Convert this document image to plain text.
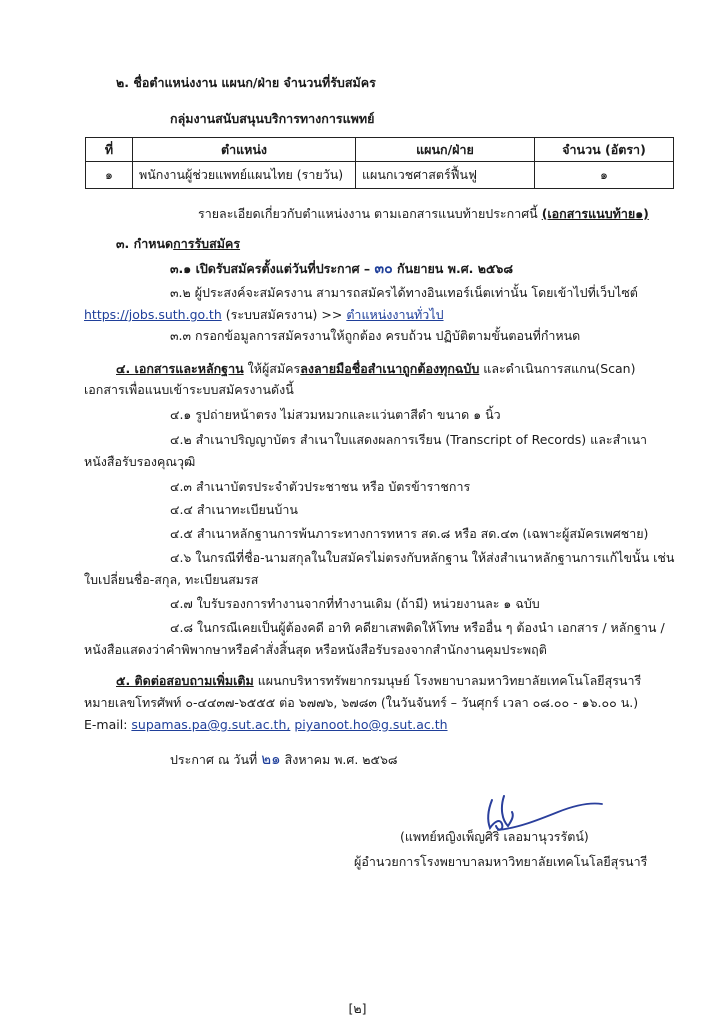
๒. ชื่อตำแหน่งงาน แผนก/ฝ่าย จำนวนที่รับสมัคร
กลุ่มงานสนับสนุนบริการทางการแพทย์
ที่	ตำแหน่ง	แผนก/ฝ่าย	จำนวน (อัตรา)
๑	พนักงานผู้ช่วยแพทย์แผนไทย (รายวัน)	แผนกเวชศาสตร์ฟื้นฟู	๑
รายละเอียดเกี่ยวกับตำแหน่งงาน ตามเอกสารแนบท้ายประกาศนี้ (เอกสารแนบท้าย๑)
๓. กำหนดการรับสมัคร
๓.๑ เปิดรับสมัครตั้งแต่วันที่ประกาศ – ๓๐ กันยายน พ.ศ. ๒๕๖๘
๓.๒ ผู้ประสงค์จะสมัครงาน สามารถสมัครได้ทางอินเทอร์เน็ตเท่านั้น โดยเข้าไปที่เว็บไซต์
https://jobs.suth.go.th (ระบบสมัครงาน) >> ตำแหน่งงานทั่วไป
๓.๓ กรอกข้อมูลการสมัครงานให้ถูกต้อง ครบถ้วน ปฏิบัติตามขั้นตอนที่กำหนด
๔. เอกสารและหลักฐาน ให้ผู้สมัครลงลายมือชื่อสำเนาถูกต้องทุกฉบับ และดำเนินการสแกน(Scan)
เอกสารเพื่อแนบเข้าระบบสมัครงานดังนี้
๔.๑ รูปถ่ายหน้าตรง ไม่สวมหมวกและแว่นตาสีดำ ขนาด ๑ นิ้ว
๔.๒ สำเนาปริญญาบัตร สำเนาใบแสดงผลการเรียน (Transcript of Records) และสำเนา
หนังสือรับรองคุณวุฒิ
๔.๓ สำเนาบัตรประจำตัวประชาชน หรือ บัตรข้าราชการ
๔.๔ สำเนาทะเบียนบ้าน
๔.๕ สำเนาหลักฐานการพ้นภาระทางการทหาร สด.๘ หรือ สด.๔๓ (เฉพาะผู้สมัครเพศชาย)
๔.๖ ในกรณีที่ชื่อ-นามสกุลในใบสมัครไม่ตรงกับหลักฐาน ให้ส่งสำเนาหลักฐานการแก้ไขนั้น เช่น
ใบเปลี่ยนชื่อ-สกุล, ทะเบียนสมรส
๔.๗ ใบรับรองการทำงานจากที่ทำงานเดิม (ถ้ามี) หน่วยงานละ ๑ ฉบับ
๔.๘ ในกรณีเคยเป็นผู้ต้องคดี อาทิ คดียาเสพติดให้โทษ หรืออื่น ๆ ต้องนำ เอกสาร / หลักฐาน /
หนังสือแสดงว่าคำพิพากษาหรือคำสั่งสิ้นสุด หรือหนังสือรับรองจากสำนักงานคุมประพฤติ
๕. ติดต่อสอบถามเพิ่มเติม แผนกบริหารทรัพยากรมนุษย์ โรงพยาบาลมหาวิทยาลัยเทคโนโลยีสุรนารี
หมายเลขโทรศัพท์ ๐-๔๔๓๗-๖๕๕๕ ต่อ ๖๗๗๖, ๖๗๘๓ (ในวันจันทร์ – วันศุกร์ เวลา ๐๘.๐๐ - ๑๖.๐๐ น.)
E-mail: supamas.pa@g.sut.ac.th, piyanoot.ho@g.sut.ac.th
ประกาศ ณ วันที่ ๒๑ สิงหาคม พ.ศ. ๒๕๖๘
(แพทย์หญิงเพ็ญศิริ เลอมานุวรรัตน์)
ผู้อำนวยการโรงพยาบาลมหาวิทยาลัยเทคโนโลยีสุรนารี
[๒]
